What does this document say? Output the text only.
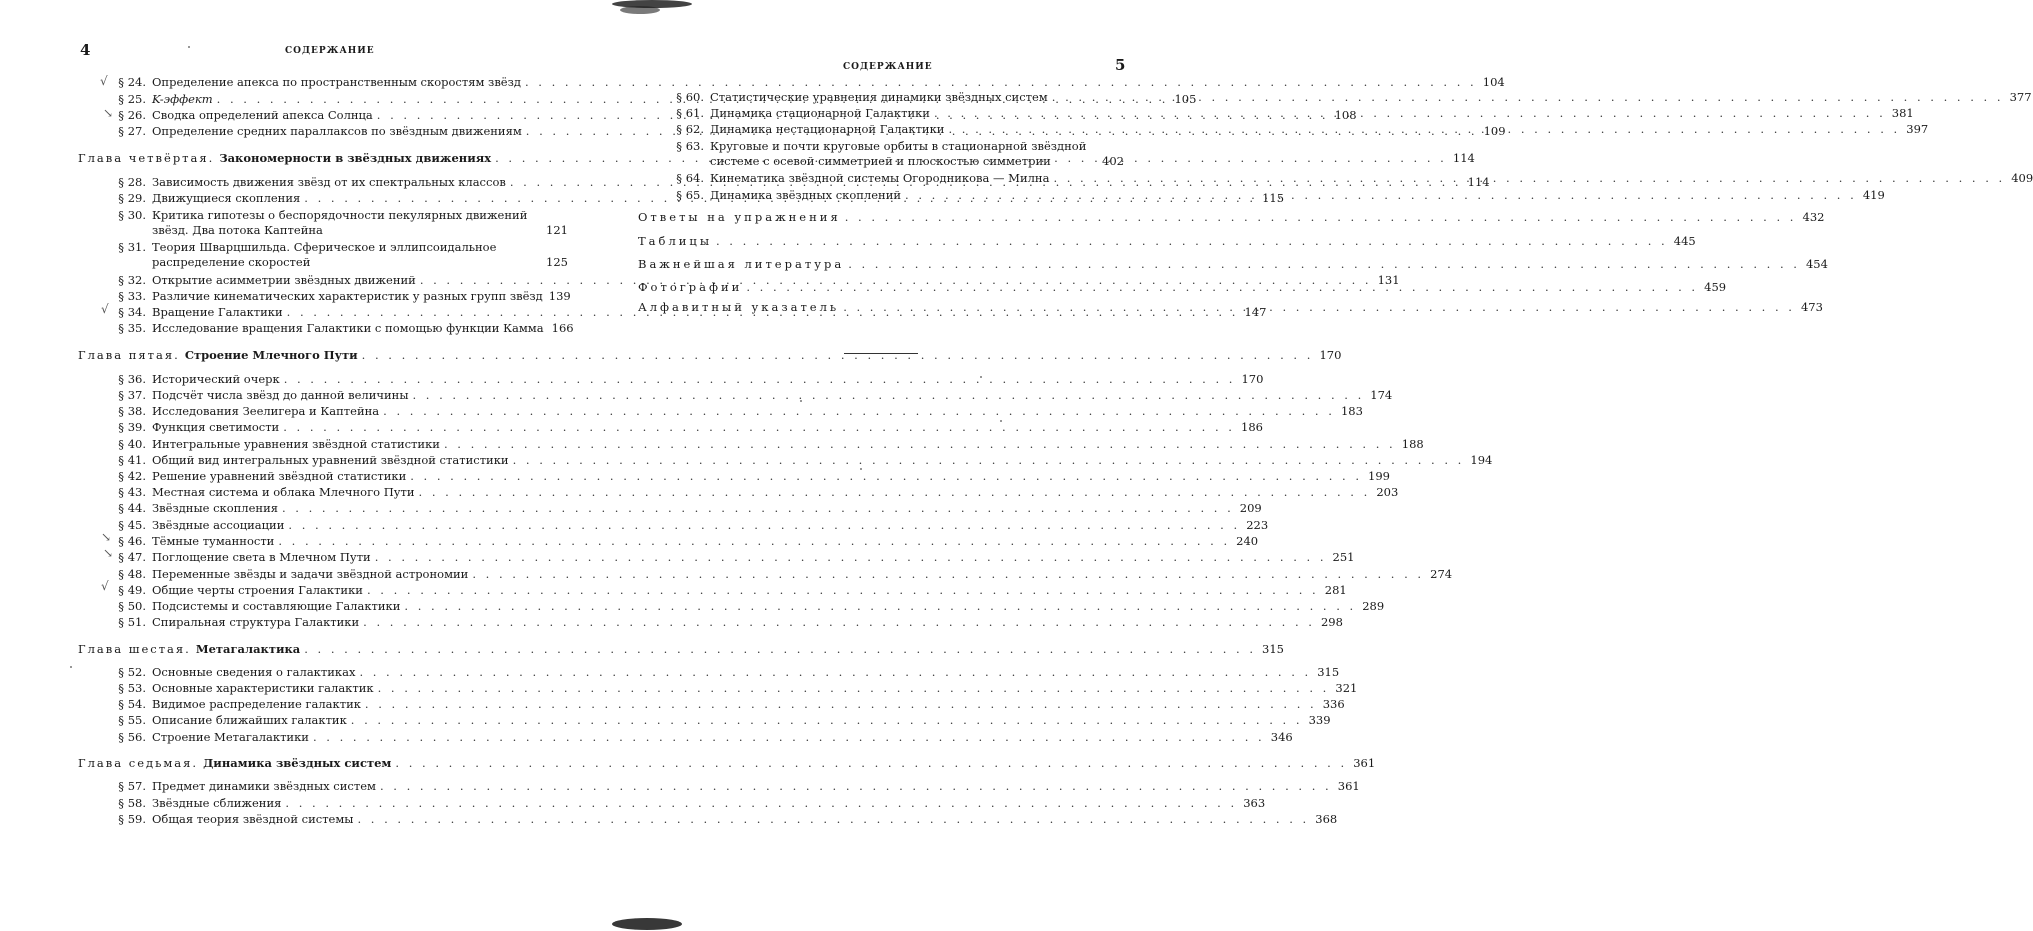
4	СОДЕРЖАНИЕ
√
↘
√
↘
↘
√
§ 24. Определение апекса по пространственным скоростям звёзд . . .	104
§ 25. K-эффект . . .	105
§ 26. Сводка определений апекса Солнца . . .	108
§ 27. Определение средних параллаксов по звёздным движениям . . .	109
Глава четвёртая. Закономерности в звёздных движениях . . .	114
§ 28. Зависимость движения звёзд от их спектральных классов . . .	114
§ 29. Движущиеся скопления . . .	115
§ 30. Критика гипотезы о беспорядочности пекулярных движений звёзд. Два потока Каптейна	121
§ 31. Теория Шварцшильда. Сферическое и эллипсоидальное распределение скоростей	125
§ 32. Открытие асимметрии звёздных движений . . .	131
§ 33. Различие кинематических характеристик у разных групп звёзд 139
§ 34. Вращение Галактики . . .	147
§ 35. Исследование вращения Галактики с помощью функции Камма 166
Глава пятая. Строение Млечного Пути . . .	170
§ 36. Исторический очерк . . .	170
§ 37. Подсчёт числа звёзд до данной величины . . .	174
§ 38. Исследования Зеелигера и Каптейна . . .	183
§ 39. Функция светимости . . .	186
§ 40. Интегральные уравнения звёздной статистики . . .	188
§ 41. Общий вид интегральных уравнений звёздной статистики . . .	194
§ 42. Решение уравнений звёздной статистики . . .	199
§ 43. Местная система и облака Млечного Пути . . .	203
§ 44. Звёздные скопления . . .	209
§ 45. Звёздные ассоциации . . .	223
§ 46. Тёмные туманности . . .	240
§ 47. Поглощение света в Млечном Пути . . .	251
§ 48. Переменные звёзды и задачи звёздной астрономии . . .	274
§ 49. Общие черты строения Галактики . . .	281
§ 50. Подсистемы и составляющие Галактики . . .	289
§ 51. Спиральная структура Галактики . . .	298
Глава шестая. Метагалактика . . .	315
§ 52. Основные сведения о галактиках . . .	315
§ 53. Основные характеристики галактик . . .	321
§ 54. Видимое распределение галактик . . .	336
§ 55. Описание ближайших галактик . . .	339
§ 56. Строение Метагалактики . . .	346
Глава седьмая. Динамика звёздных систем . . .	361
§ 57. Предмет динамики звёздных систем . . .	361
§ 58. Звёздные сближения . . .	363
§ 59. Общая теория звёздной системы . . .	368
СОДЕРЖАНИЕ	5
§ 60. Статистические уравнения динамики звёздных систем . . .	377
§ 61. Динамика стационарной Галактики . . .	381
§ 62. Динамика нестационарной Галактики . . .	397
§ 63. Круговые и почти круговые орбиты в стационарной звёздной системе с осевой симметрией и плоскостью симметрии	402
§ 64. Кинематика звёздной системы Огородникова — Милна . . .	409
§ 65. Динамика звёздных скоплений . . .	419
Ответы на упражнения . . .	432
Таблицы . . .	445
Важнейшая литература . . .	454
Фотографии . . .	459
Алфавитный указатель . . .	473
